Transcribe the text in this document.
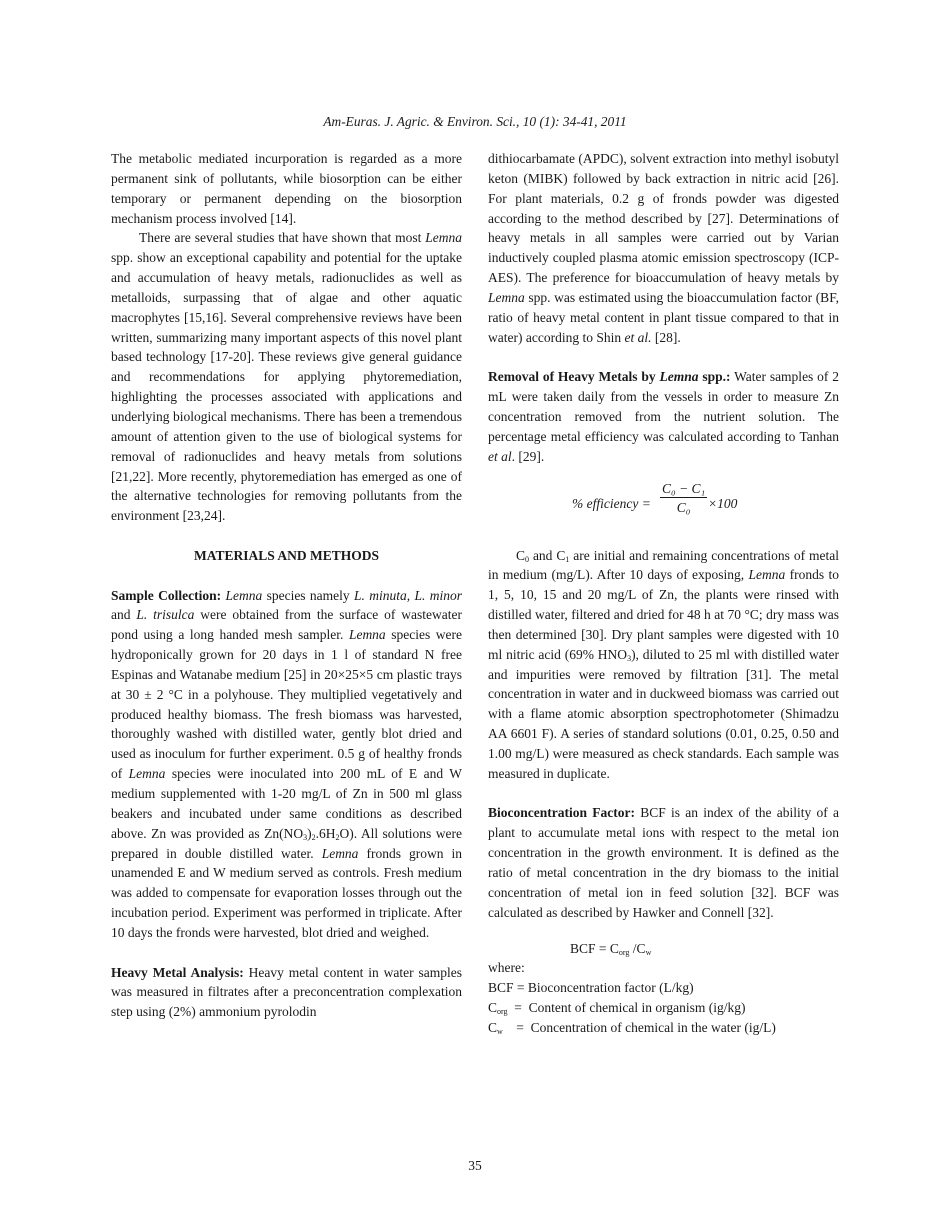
Am-Euras. J. Agric. & Environ. Sci., 10 (1): 34-41, 2011

The metabolic mediated incurporation is regarded as a more permanent sink of pollutants, while biosorption can be either temporary or permanent depending on the biosorption mechanism process involved [14].

There are several studies that have shown that most Lemna spp. show an exceptional capability and potential for the uptake and accumulation of heavy metals, radionuclides as well as metalloids, surpassing that of algae and other aquatic macrophytes [15,16]. Several comprehensive reviews have been written, summarizing many important aspects of this novel plant based technology [17-20]. These reviews give general guidance and recommendations for applying phytoremediation, highlighting the processes associated with applications and underlying biological mechanisms. There has been a tremendous amount of attention given to the use of biological systems for removal of radionuclides and heavy metals from solutions [21,22]. More recently, phytoremediation has emerged as one of the alternative technologies for removing pollutants from the environment [23,24].

MATERIALS AND METHODS

Sample Collection: Lemna species namely L. minuta, L. minor and L. trisulca were obtained from the surface of wastewater pond using a long handed mesh sampler. Lemna species were hydroponically grown for 20 days in 1 l of standard N free Espinas and Watanabe medium [25] in 20×25×5 cm plastic trays at 30 ± 2 °C in a polyhouse. They multiplied vegetatively and produced healthy biomass. The fresh biomass was harvested, thoroughly washed with distilled water, gently blot dried and used as inoculum for further experiment. 0.5 g of healthy fronds of Lemna species were inoculated into 200 mL of E and W medium supplemented with 1-20 mg/L of Zn in 500 ml glass beakers and incubated under same conditions as described above. Zn was provided as $Zn(NO_3)_2.6H_2O$). All solutions were prepared in double distilled water. Lemna fronds grown in unamended E and W medium served as controls. Fresh medium was added to compensate for evaporation losses through out the incubation period. Experiment was performed in triplicate. After 10 days the fronds were harvested, blot dried and weighed.

Heavy Metal Analysis: Heavy metal content in water samples was measured in filtrates after a preconcentration complexation step using (2%) ammonium pyrolodin

dithiocarbamate (APDC), solvent extraction into methyl isobutyl keton (MIBK) followed by back extraction in nitric acid [26]. For plant materials, 0.2 g of fronds powder was digested according to the method described by [27]. Determinations of heavy metals in all samples were carried out by Varian inductively coupled plasma atomic emission spectroscopy (ICP-AES). The preference for bioaccumulation of heavy metals by Lemna spp. was estimated using the bioaccumulation factor (BF, ratio of heavy metal content in plant tissue compared to that in water) according to Shin et al. [28].

Removal of Heavy Metals by Lemna spp.: Water samples of 2 mL were taken daily from the vessels in order to measure Zn concentration removed from the nutrient solution. The percentage metal efficiency was calculated according to Tanhan et al. [29].

% efficiency = $\frac{\text{C₀ − C₁}}{\text{C₀}} \times 100$

$C_0$ and $C_1$ are initial and remaining concentrations of metal in medium (mg/L). After 10 days of exposing, Lemna fronds to 1, 5, 10, 15 and 20 mg/L of Zn, the plants were rinsed with distilled water, filtered and dried for 48 h at 70 °C; dry mass was then determined [30]. Dry plant samples were digested with 10 ml nitric acid (69% $HNO_3$), diluted to 25 ml with distilled water and impurities were removed by filtration [31]. The metal concentration in water and in duckweed biomass was carried out with a flame atomic absorption spectrophotometer (Shimadzu AA 6601 F). A series of standard solutions (0.01, 0.25, 0.50 and 1.00 mg/L) were measured as check standards. Each sample was measured in duplicate.

Bioconcentration Factor: BCF is an index of the ability of a plant to accumulate metal ions with respect to the metal ion concentration in the growth environment. It is defined as the ratio of metal concentration in the dry biomass to the initial concentration of metal ion in feed solution [32]. BCF was calculated as described by Hawker and Connell [32].

BCF = $C_{org}$ $/C_w$

where:

BCF = Bioconcentration factor (L/kg)

$C_{org}$  =  Content of chemical in organism (ig/kg)

$C_w$    =  Concentration of chemical in the water (ig/L)

35
